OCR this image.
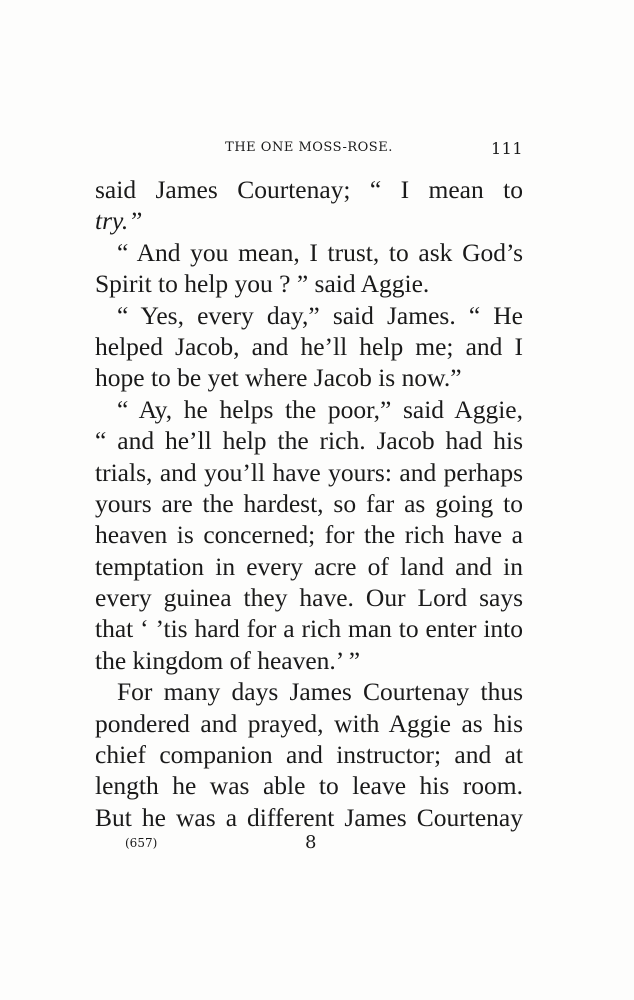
THE ONE MOSS-ROSE.	111
said James Courtenay; “ I mean to
try.”
“ And you mean, I trust, to ask God’s
Spirit to help you ? ” said Aggie.
“ Yes, every day,” said James. “ He
helped Jacob, and he’ll help me; and I
hope to be yet where Jacob is now.”
“ Ay, he helps the poor,” said Aggie,
“ and he’ll help the rich. Jacob had his
trials, and you’ll have yours: and perhaps
yours are the hardest, so far as going to
heaven is concerned; for the rich have a
temptation in every acre of land and in
every guinea they have. Our Lord says
that ‘ ’tis hard for a rich man to enter into
the kingdom of heaven.’ ”
For many days James Courtenay thus
pondered and prayed, with Aggie as his
chief companion and instructor; and at
length he was able to leave his room.
But he was a different James Courtenay
(657)	8
